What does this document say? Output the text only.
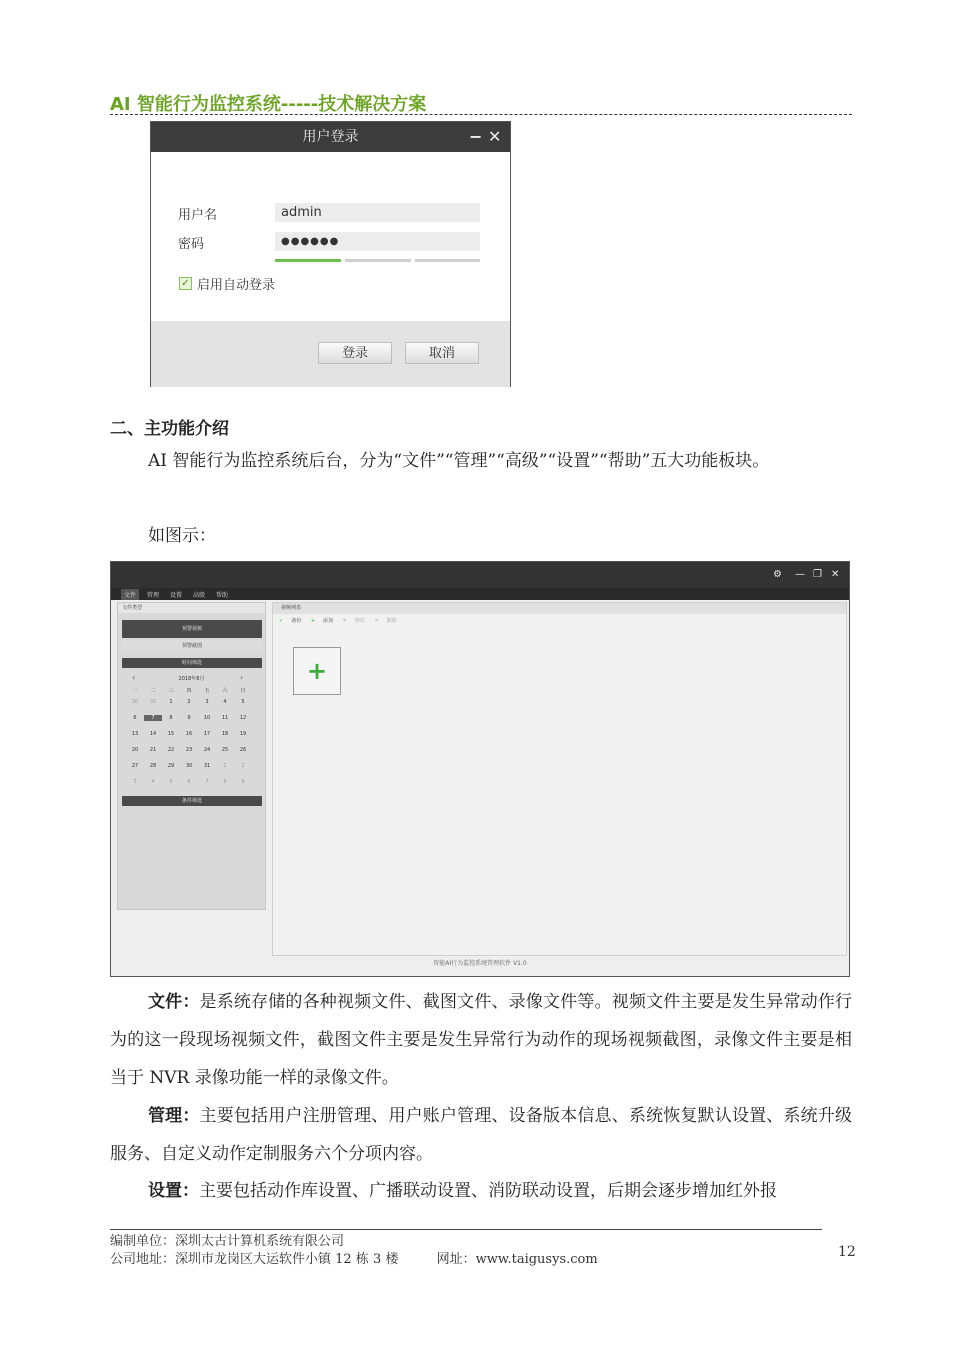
AI 智能行为监控系统-----技术解决方案
用户登录	− ✕
用户名	admin
密码	●●●●●●
✓ 启用自动登录
登录	取消
二、主功能介绍
AI 智能行为监控系统后台，分为“文件”“管理”“高级”“设置”“帮助”五大功能板块。
如图示：
⚙ — ❐ ✕
文件	管理	设置	高级	帮助
文件类型
预警视频
预警截图
时间筛选
‹	2018年8月	›
一	二	三	四	五	六	日
30	31	1	2	3	4	5
6	7	8	9	10	11	12
13	14	15	16	17	18	19
20	21	22	23	24	25	26
27	28	29	30	31	1	2
3	4	5	6	7	8	9
条件筛选
视频列表
✓ 备份 + 添加 ✎ 修改 ✕ 删除
+
智能AI行为监控系统管理软件 V1.0
文件：是系统存储的各种视频文件、截图文件、录像文件等。视频文件主要是发生异常动作行为的这一段现场视频文件，截图文件主要是发生异常行为动作的现场视频截图，录像文件主要是相当于 NVR 录像功能一样的录像文件。
管理：主要包括用户注册管理、用户账户管理、设备版本信息、系统恢复默认设置、系统升级服务、自定义动作定制服务六个分项内容。
设置：主要包括动作库设置、广播联动设置、消防联动设置，后期会逐步增加红外报
编制单位：深圳太古计算机系统有限公司
公司地址：深圳市龙岗区大运软件小镇 12 栋 3 楼	网址：www.taigusys.com	12
